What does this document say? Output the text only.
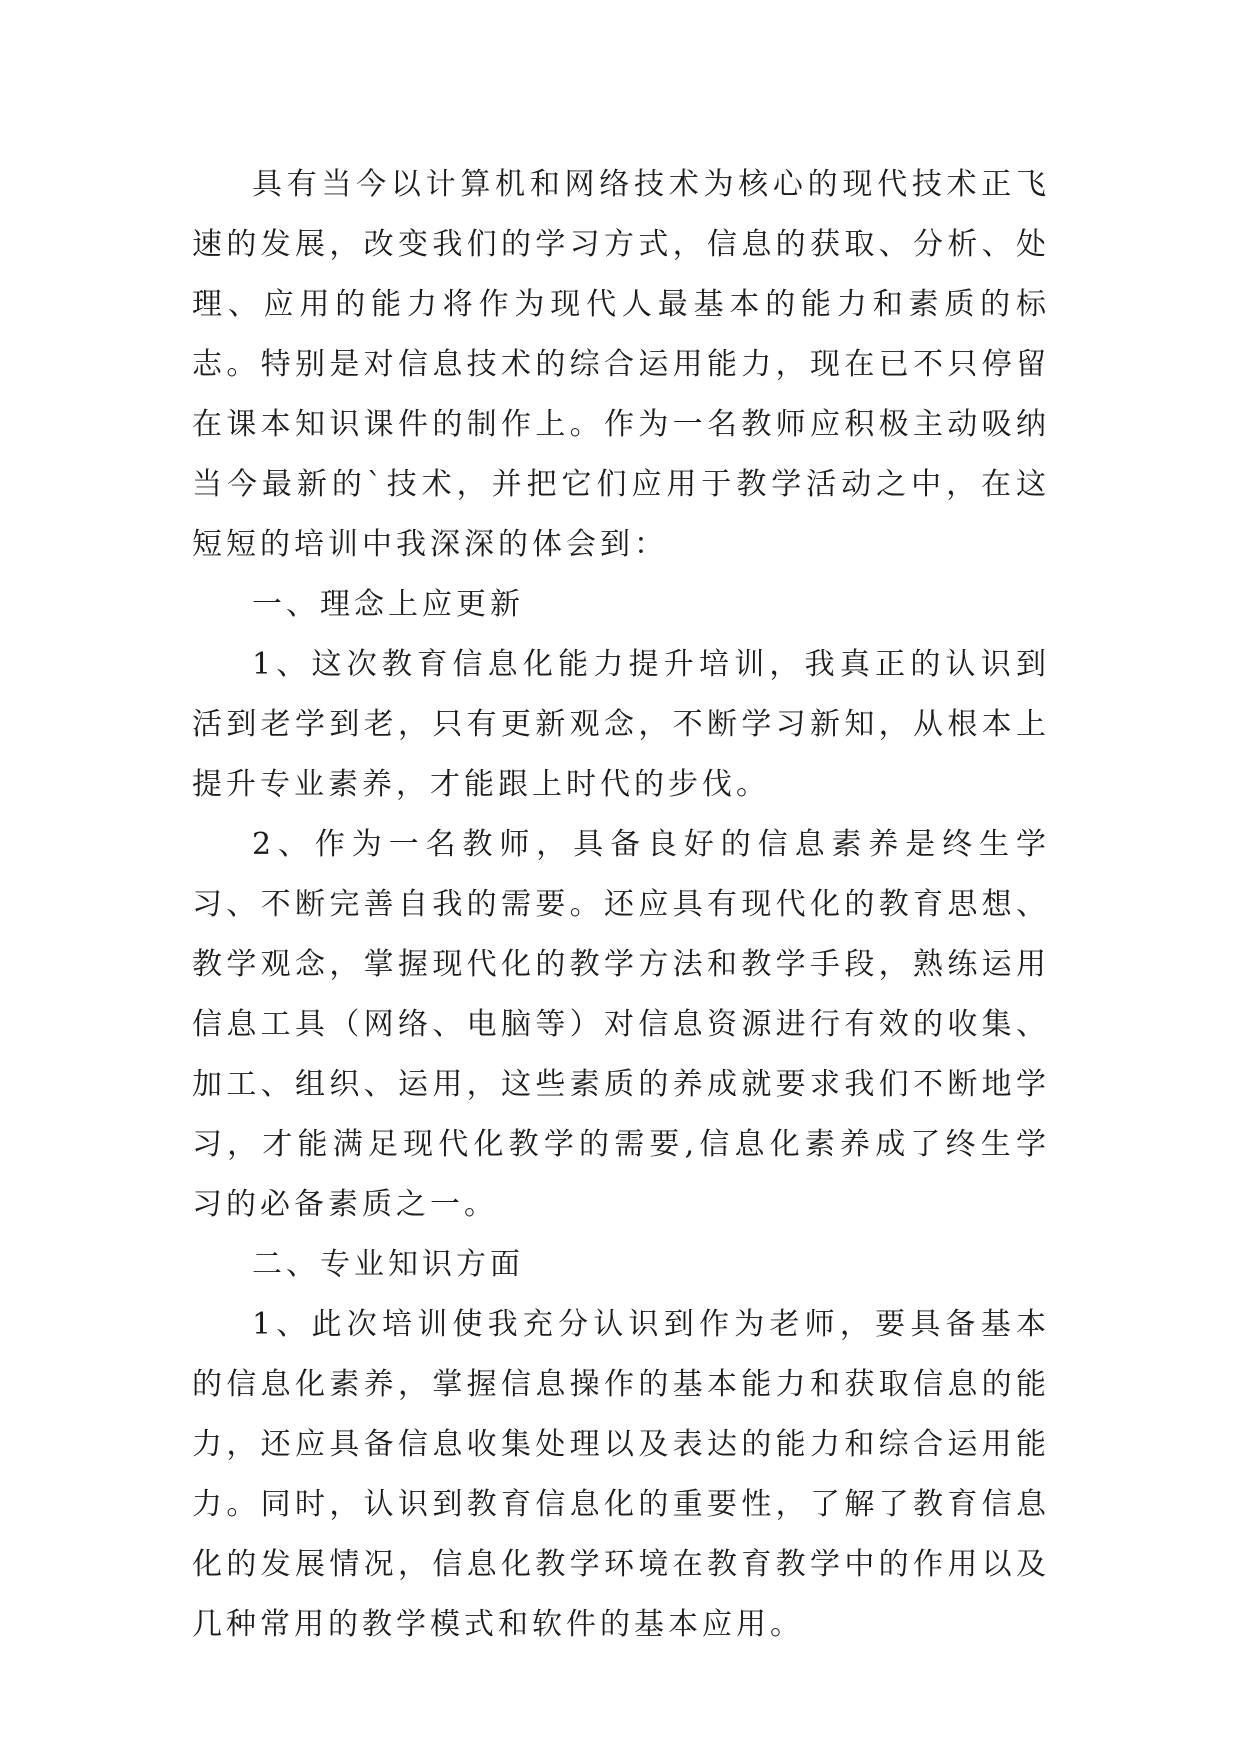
具有当今以计算机和网络技术为核心的现代技术正飞速的发展，改变我们的学习方式，信息的获取、分析、处理、应用的能力将作为现代人最基本的能力和素质的标志。特别是对信息技术的综合运用能力，现在已不只停留在课本知识课件的制作上。作为一名教师应积极主动吸纳当今最新的`技术，并把它们应用于教学活动之中，在这短短的培训中我深深的体会到：

一、理念上应更新

1、这次教育信息化能力提升培训，我真正的认识到活到老学到老，只有更新观念，不断学习新知，从根本上提升专业素养，才能跟上时代的步伐。

2、作为一名教师，具备良好的信息素养是终生学习、不断完善自我的需要。还应具有现代化的教育思想、教学观念，掌握现代化的教学方法和教学手段，熟练运用信息工具（网络、电脑等）对信息资源进行有效的收集、加工、组织、运用，这些素质的养成就要求我们不断地学习，才能满足现代化教学的需要,信息化素养成了终生学习的必备素质之一。

二、专业知识方面

1、此次培训使我充分认识到作为老师，要具备基本的信息化素养，掌握信息操作的基本能力和获取信息的能力，还应具备信息收集处理以及表达的能力和综合运用能力。同时，认识到教育信息化的重要性，了解了教育信息化的发展情况，信息化教学环境在教育教学中的作用以及几种常用的教学模式和软件的基本应用。
